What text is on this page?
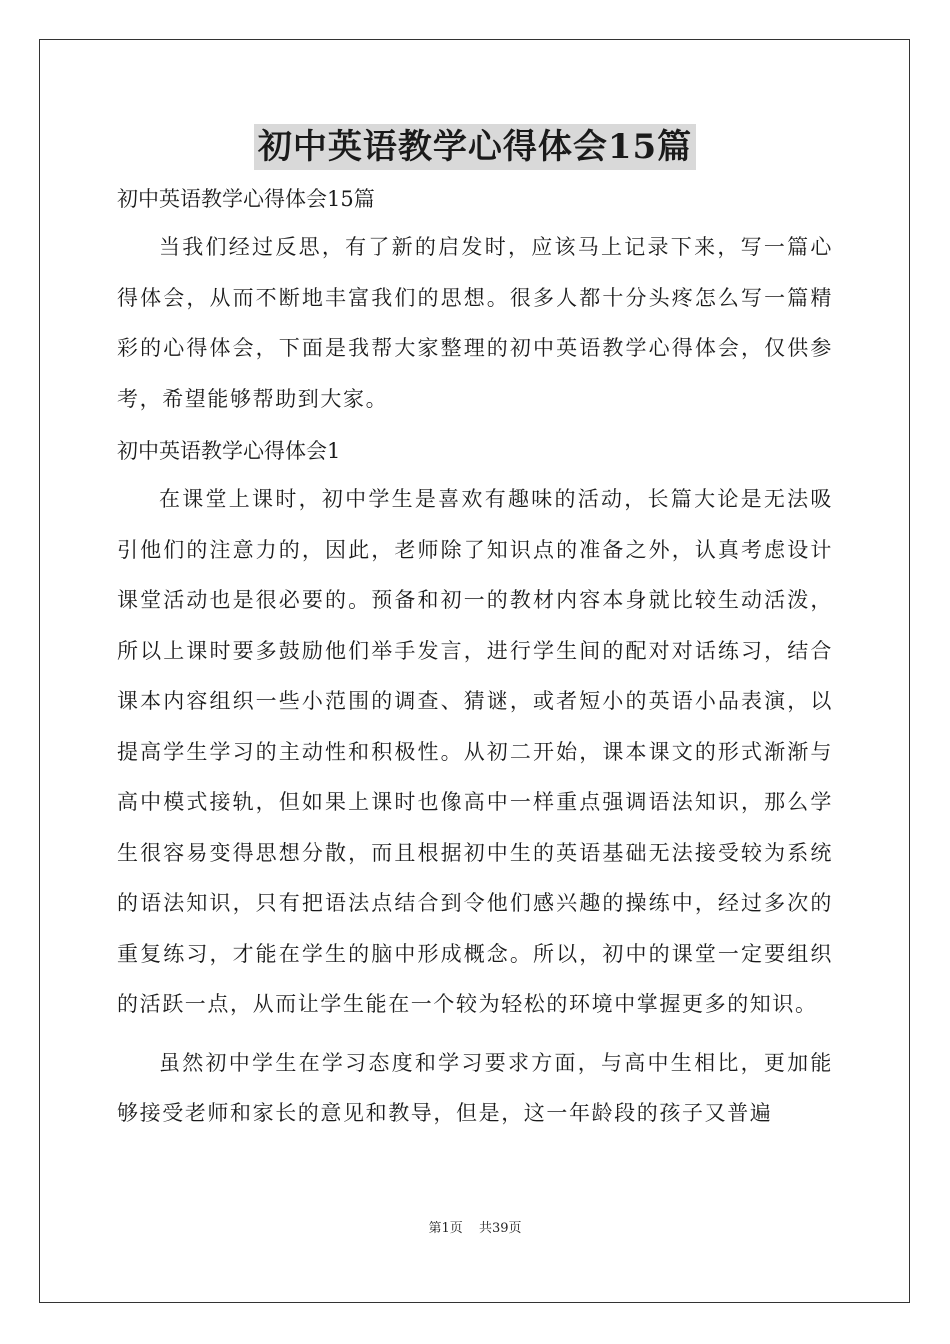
初中英语教学心得体会15篇
初中英语教学心得体会15篇

当我们经过反思，有了新的启发时，应该马上记录下来，写一篇心得体会，从而不断地丰富我们的思想。很多人都十分头疼怎么写一篇精彩的心得体会，下面是我帮大家整理的初中英语教学心得体会，仅供参考，希望能够帮助到大家。

初中英语教学心得体会1

在课堂上课时，初中学生是喜欢有趣味的活动，长篇大论是无法吸引他们的注意力的，因此，老师除了知识点的准备之外，认真考虑设计课堂活动也是很必要的。预备和初一的教材内容本身就比较生动活泼，所以上课时要多鼓励他们举手发言，进行学生间的配对对话练习，结合课本内容组织一些小范围的调查、猜谜，或者短小的英语小品表演，以提高学生学习的主动性和积极性。从初二开始，课本课文的形式渐渐与高中模式接轨，但如果上课时也像高中一样重点强调语法知识，那么学生很容易变得思想分散，而且根据初中生的英语基础无法接受较为系统的语法知识，只有把语法点结合到令他们感兴趣的操练中，经过多次的重复练习，才能在学生的脑中形成概念。所以，初中的课堂一定要组织的活跃一点，从而让学生能在一个较为轻松的环境中掌握更多的知识。

虽然初中学生在学习态度和学习要求方面，与高中生相比，更加能够接受老师和家长的意见和教导，但是，这一年龄段的孩子又普遍

第1页 共39页
